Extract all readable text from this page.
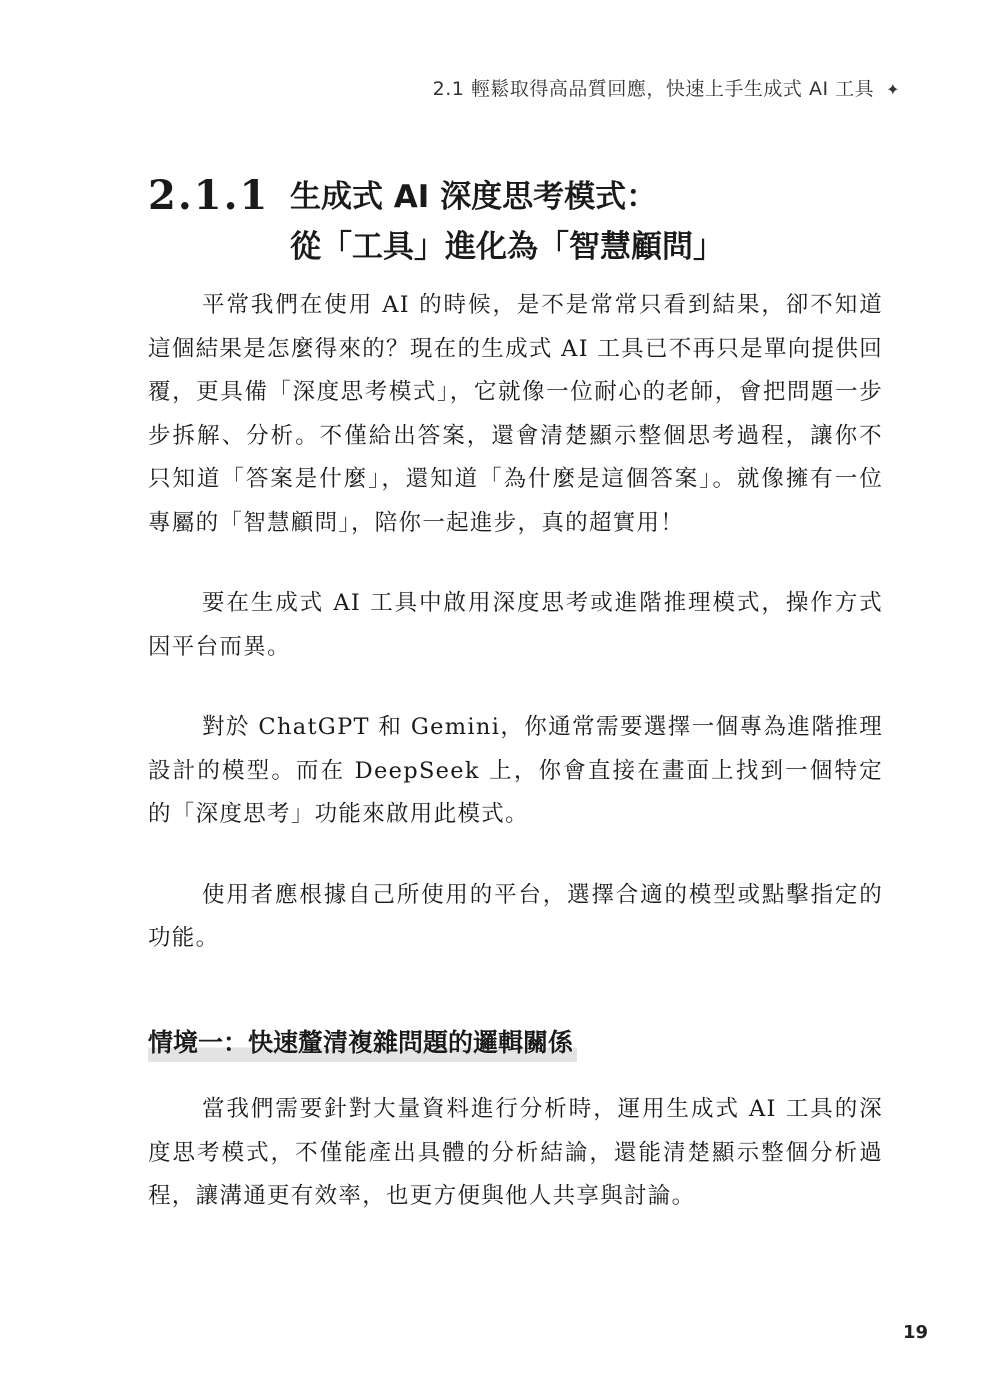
2.1 輕鬆取得高品質回應，快速上手生成式 AI 工具 ✦
2.1.1 生成式 AI 深度思考模式：
從「工具」進化為「智慧顧問」

平常我們在使用 AI 的時候，是不是常常只看到結果，卻不知道這個結果是怎麼得來的？現在的生成式 AI 工具已不再只是單向提供回覆，更具備「深度思考模式」，它就像一位耐心的老師，會把問題一步步拆解、分析。不僅給出答案，還會清楚顯示整個思考過程，讓你不只知道「答案是什麼」，還知道「為什麼是這個答案」。就像擁有一位專屬的「智慧顧問」，陪你一起進步，真的超實用！

要在生成式 AI 工具中啟用深度思考或進階推理模式，操作方式因平台而異。

對於 ChatGPT 和 Gemini，你通常需要選擇一個專為進階推理設計的模型。而在 DeepSeek 上，你會直接在畫面上找到一個特定的「深度思考」功能來啟用此模式。

使用者應根據自己所使用的平台，選擇合適的模型或點擊指定的功能。

情境一：快速釐清複雜問題的邏輯關係

當我們需要針對大量資料進行分析時，運用生成式 AI 工具的深度思考模式，不僅能產出具體的分析結論，還能清楚顯示整個分析過程，讓溝通更有效率，也更方便與他人共享與討論。

19
